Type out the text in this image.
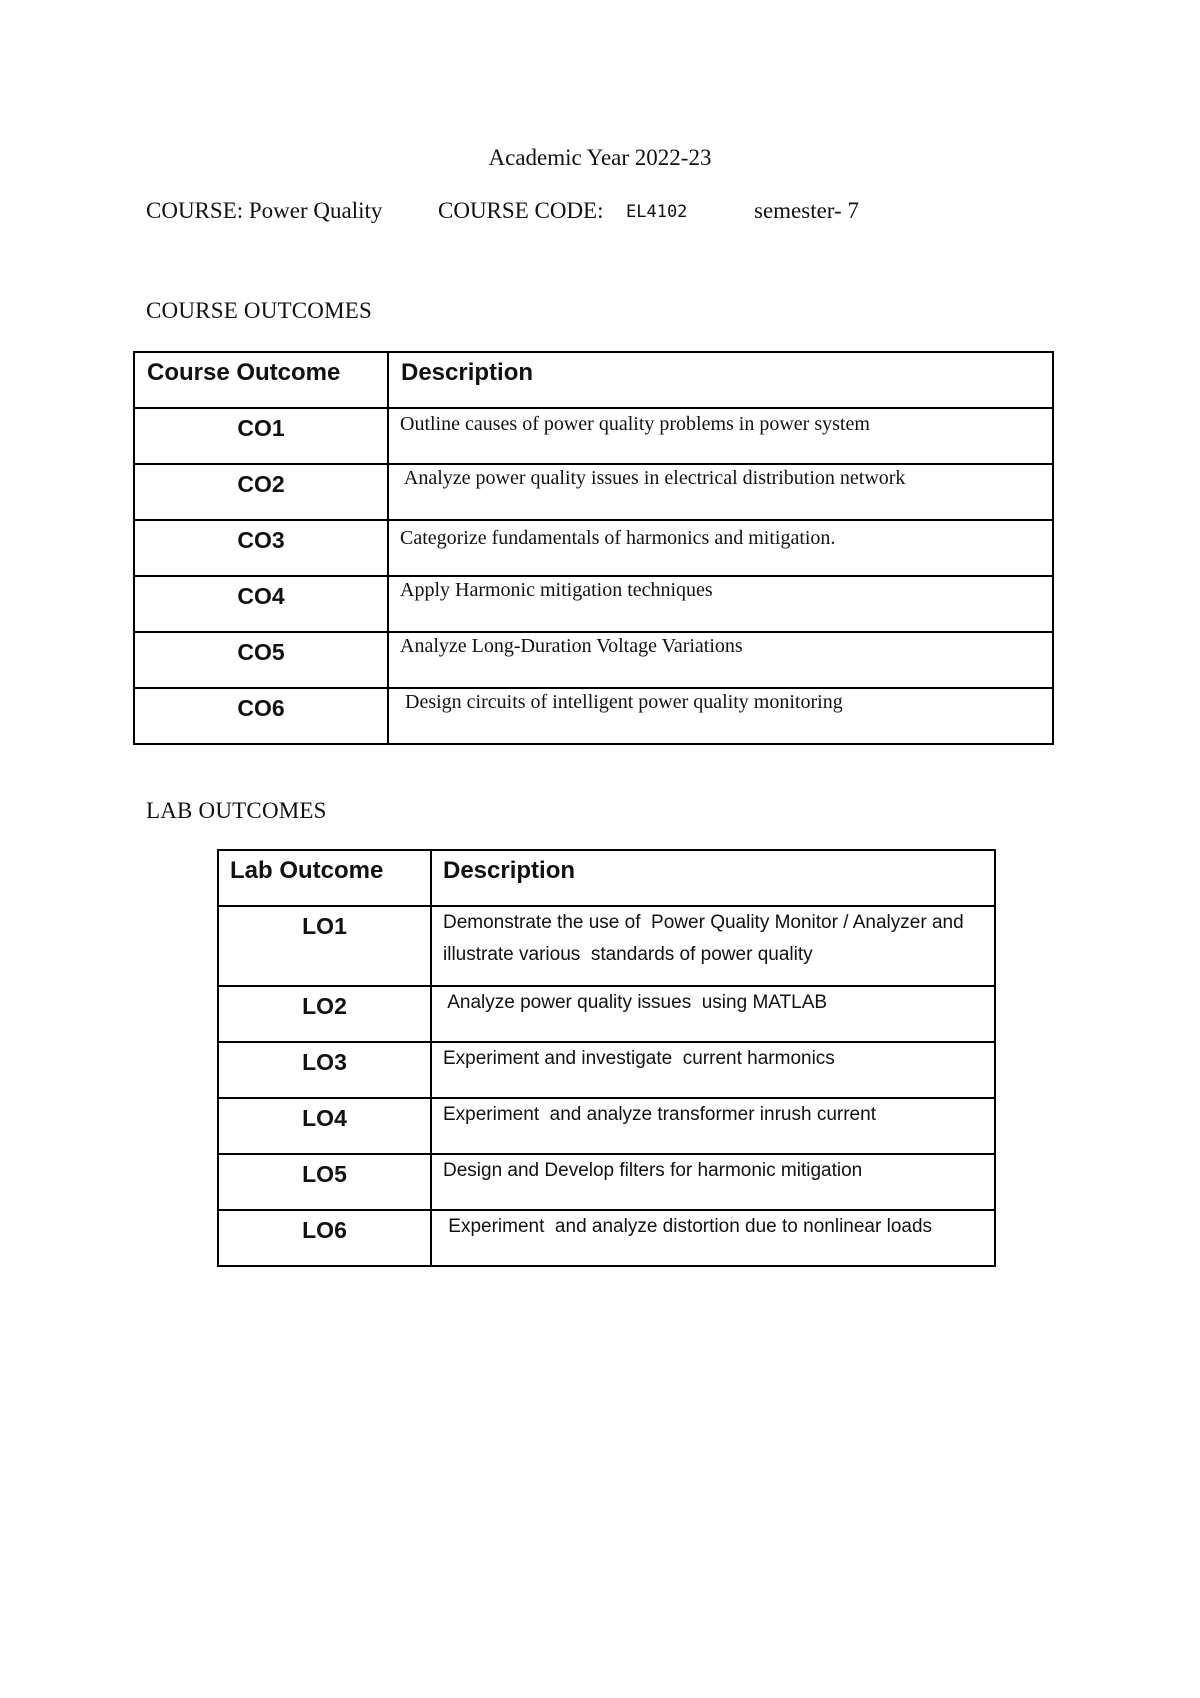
Academic Year 2022-23
COURSE: Power Quality COURSE CODE: EL4102	semester- 7
COURSE OUTCOMES
Course Outcome	Description
CO1	Outline causes of power quality problems in power system
CO2	Analyze power quality issues in electrical distribution network
CO3	Categorize fundamentals of harmonics and mitigation.
CO4	Apply Harmonic mitigation techniques
CO5	Analyze Long-Duration Voltage Variations
CO6	Design circuits of intelligent power quality monitoring
LAB OUTCOMES
Lab Outcome	Description
LO1	Demonstrate the use of  Power Quality Monitor / Analyzer and illustrate various  standards of power quality
LO2	Analyze power quality issues  using MATLAB
LO3	Experiment and investigate  current harmonics
LO4	Experiment  and analyze transformer inrush current
LO5	Design and Develop filters for harmonic mitigation
LO6	Experiment  and analyze distortion due to nonlinear loads
